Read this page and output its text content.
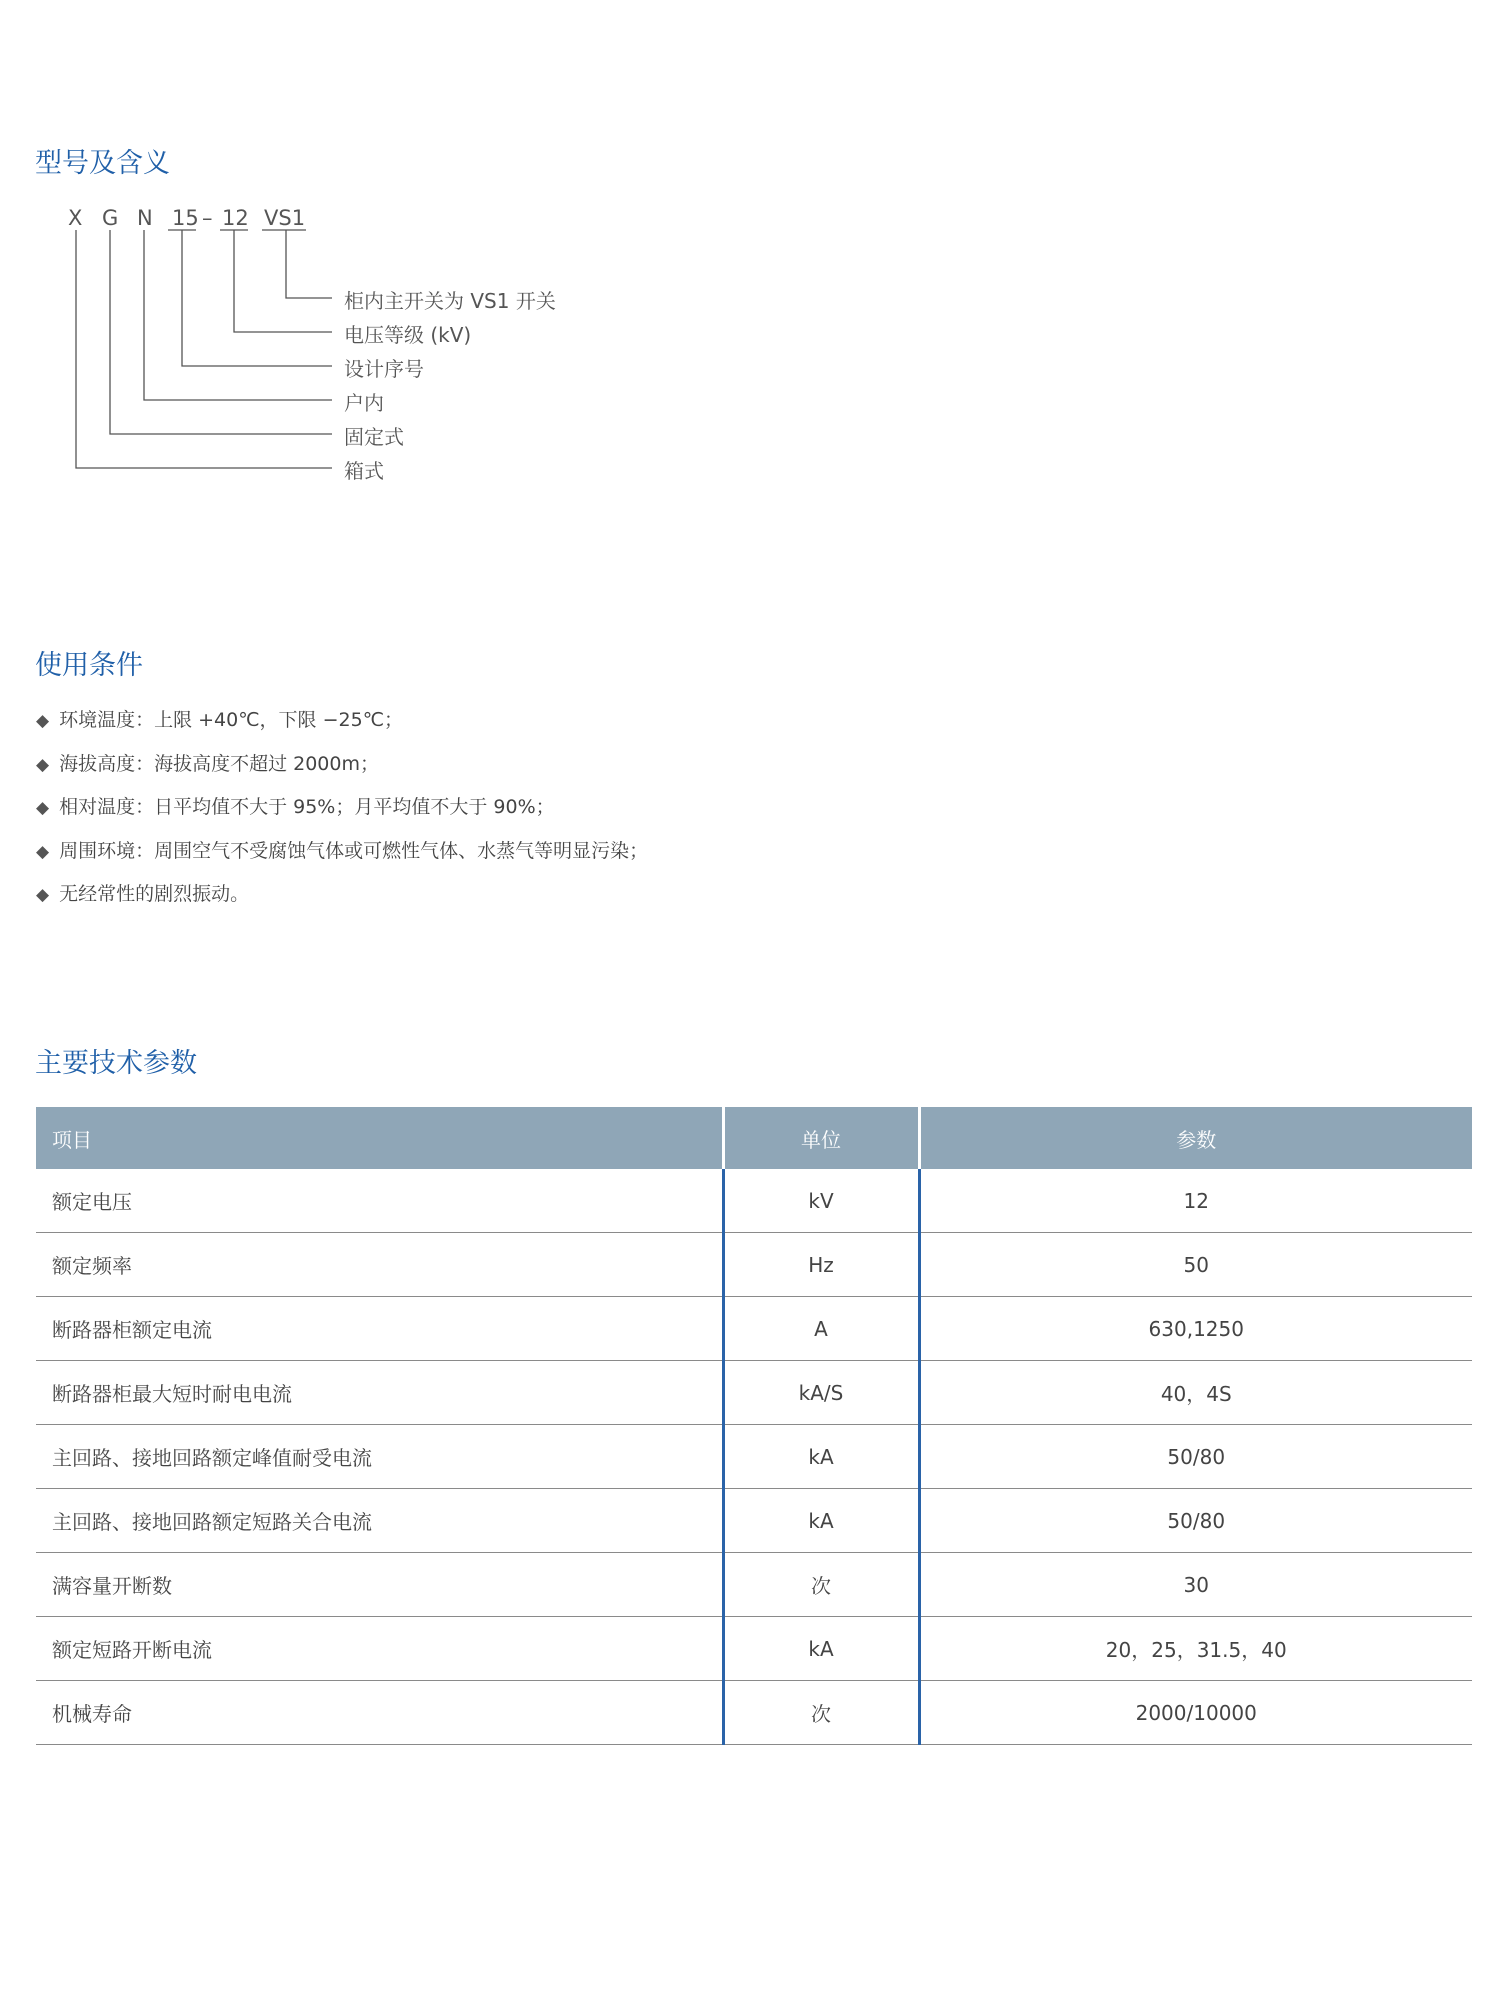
型号及含义
X G N 15 – 12 VS1
柜内主开关为 VS1 开关
电压等级 (kV)
设计序号
户内
固定式
箱式
使用条件
◆ 环境温度：上限 +40℃，下限 −25℃；
◆ 海拔高度：海拔高度不超过 2000m；
◆ 相对温度：日平均值不大于 95%；月平均值不大于 90%；
◆ 周围环境：周围空气不受腐蚀气体或可燃性气体、水蒸气等明显污染；
◆ 无经常性的剧烈振动。
主要技术参数
项目	单位	参数
额定电压	kV	12
额定频率	Hz	50
断路器柜额定电流	A	630,1250
断路器柜最大短时耐电电流	kA/S	40，4S
主回路、接地回路额定峰值耐受电流	kA	50/80
主回路、接地回路额定短路关合电流	kA	50/80
满容量开断数	次	30
额定短路开断电流	kA	20，25，31.5，40
机械寿命	次	2000/10000
